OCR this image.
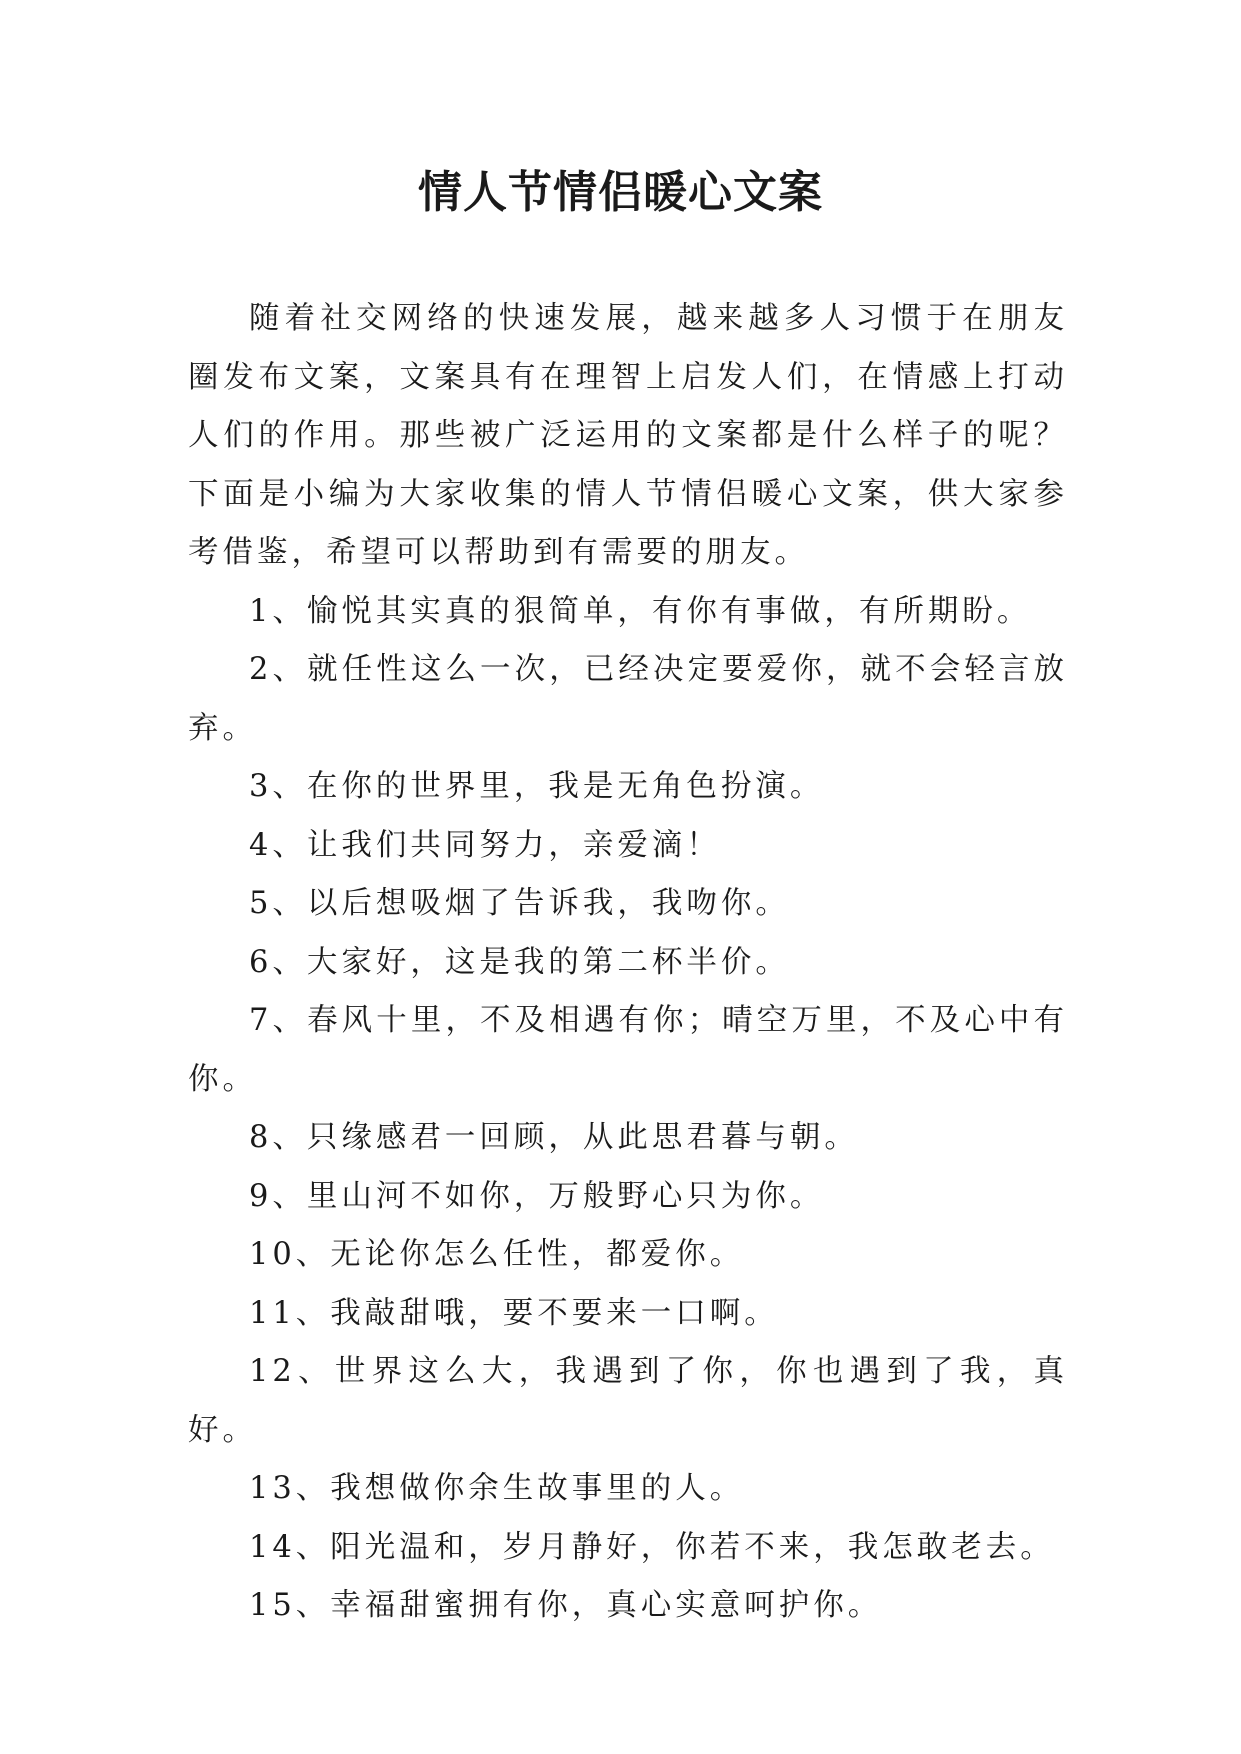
情人节情侣暖心文案

随着社交网络的快速发展，越来越多人习惯于在朋友圈发布文案，文案具有在理智上启发人们，在情感上打动人们的作用。那些被广泛运用的文案都是什么样子的呢？下面是小编为大家收集的情人节情侣暖心文案，供大家参考借鉴，希望可以帮助到有需要的朋友。

1、愉悦其实真的狠简单，有你有事做，有所期盼。

2、就任性这么一次，已经决定要爱你，就不会轻言放弃。

3、在你的世界里，我是无角色扮演。

4、让我们共同努力，亲爱滴！

5、以后想吸烟了告诉我，我吻你。

6、大家好，这是我的第二杯半价。

7、春风十里，不及相遇有你；晴空万里，不及心中有你。

8、只缘感君一回顾，从此思君暮与朝。

9、里山河不如你，万般野心只为你。

10、无论你怎么任性，都爱你。

11、我敲甜哦，要不要来一口啊。

12、世界这么大，我遇到了你，你也遇到了我，真好。

13、我想做你余生故事里的人。

14、阳光温和，岁月静好，你若不来，我怎敢老去。

15、幸福甜蜜拥有你，真心实意呵护你。
